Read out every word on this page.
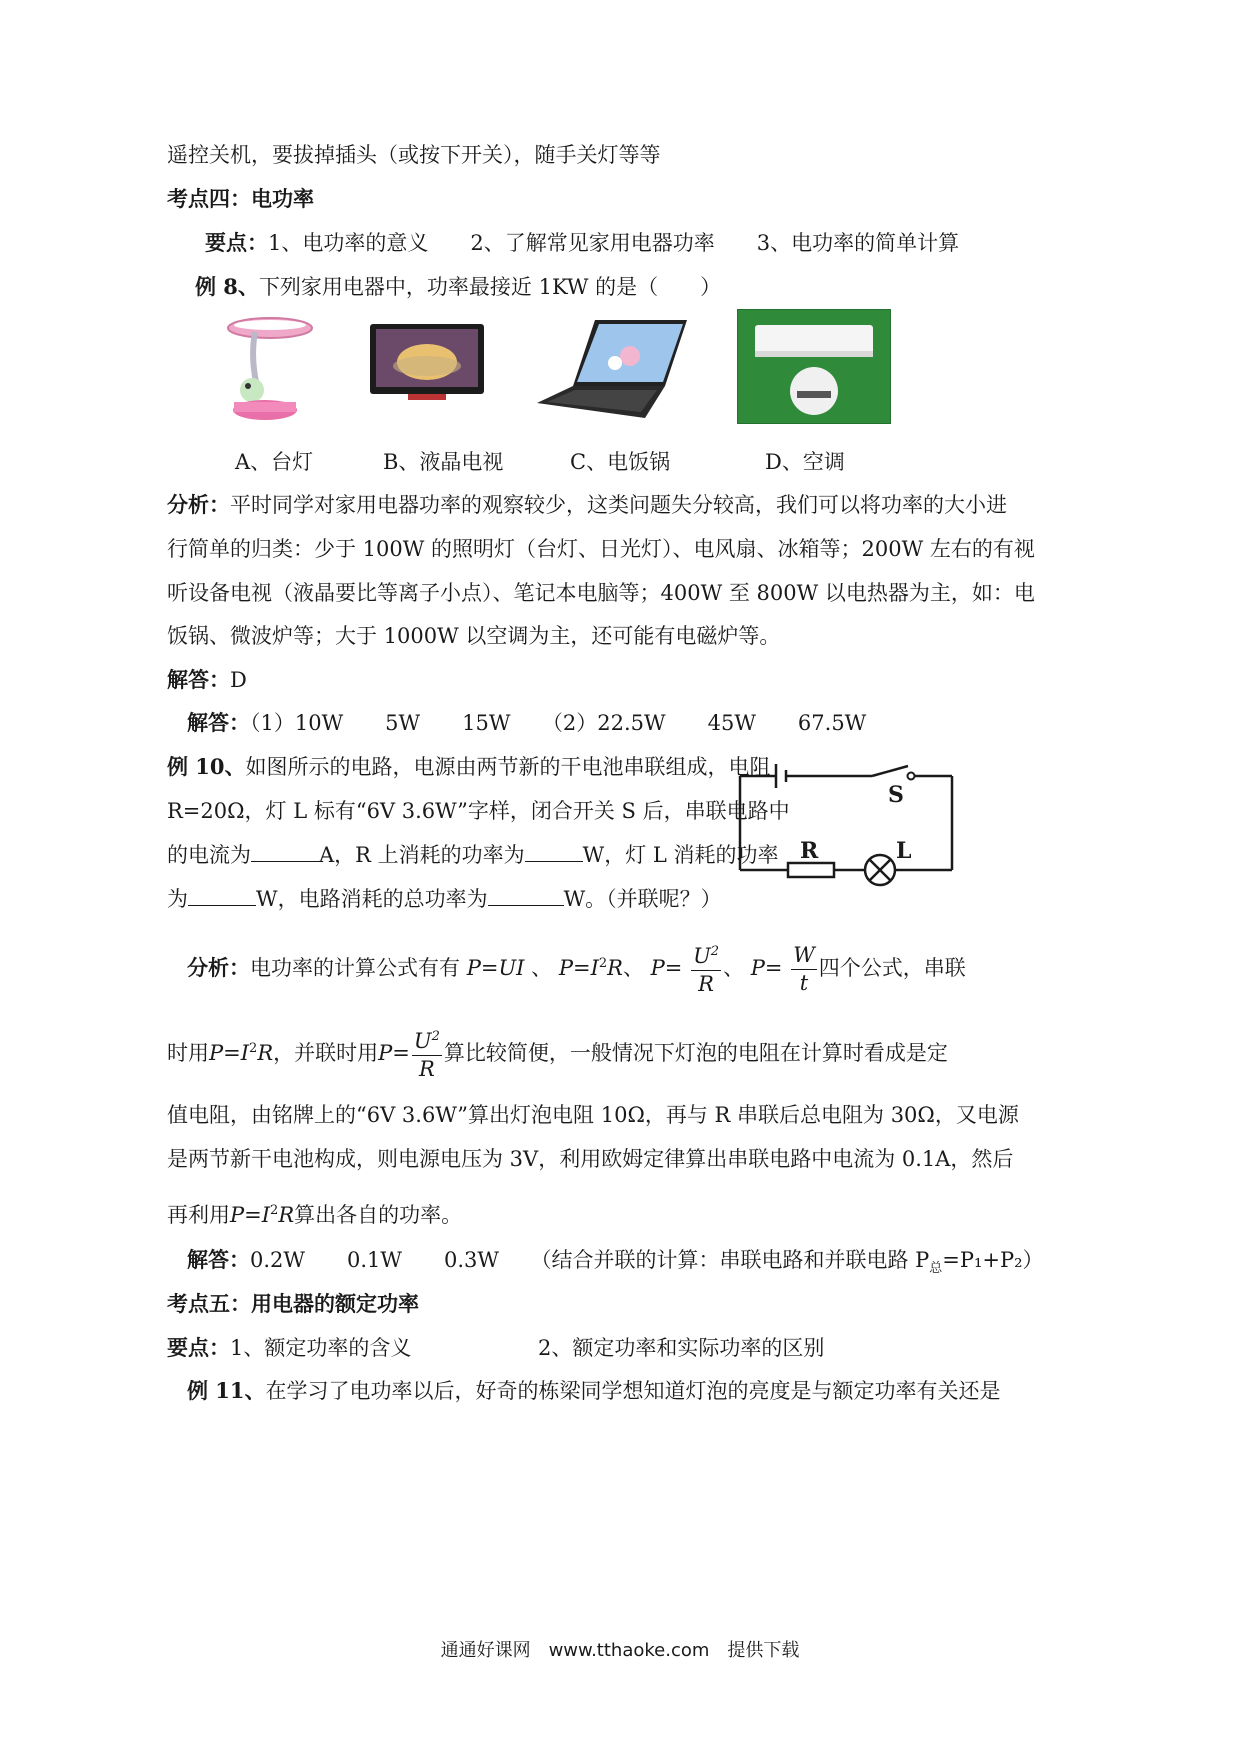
遥控关机，要拔掉插头（或按下开关），随手关灯等等
考点四：电功率
要点：1、电功率的意义　　2、了解常见家用电器功率　　3、电功率的简单计算
例 8、下列家用电器中，功率最接近 1KW 的是（　　）
A、台灯	B、液晶电视	C、电饭锅	D、空调
分析：平时同学对家用电器功率的观察较少，这类问题失分较高，我们可以将功率的大小进
行简单的归类：少于 100W 的照明灯（台灯、日光灯）、电风扇、冰箱等；200W 左右的有视
听设备电视（液晶要比等离子小点）、笔记本电脑等；400W 至 800W 以电热器为主，如：电
饭锅、微波炉等；大于 1000W 以空调为主，还可能有电磁炉等。
解答：D
解答：（1）10W　　5W　　15W　　（2）22.5W　　45W　　67.5W
例 10、如图所示的电路，电源由两节新的干电池串联组成，电阻
R=20Ω，灯 L 标有“6V 3.6W”字样，闭合开关 S 后，串联电路中
的电流为	A，R 上消耗的功率为	W，灯 L 消耗的功率
为	W，电路消耗的总功率为	W。（并联呢？）
S
R	L
分析：电功率的计算公式有有 P=UI 、 $P=I^2R$、 $P= \frac{U^2}{R}$ 、 $P= \frac{W}{t}$ 四个公式，串联
时用$P=I^2R$，并联时用$P= \frac{U^2}{R}$ 算比较简便，一般情况下灯泡的电阻在计算时看成是定
值电阻，由铭牌上的“6V 3.6W”算出灯泡电阻 10Ω，再与 R 串联后总电阻为 30Ω，又电源
是两节新干电池构成，则电源电压为 3V，利用欧姆定律算出串联电路中电流为 0.1A，然后
再利用$P=I^2R$算出各自的功率。
解答：0.2W　　0.1W　　0.3W　　（结合并联的计算：串联电路和并联电路 $P_总=P_1+P_2$）
考点五：用电器的额定功率
要点：1、额定功率的含义	2、额定功率和实际功率的区别
例 11、在学习了电功率以后，好奇的栋梁同学想知道灯泡的亮度是与额定功率有关还是
通通好课网　www.tthaoke.com　提供下载
